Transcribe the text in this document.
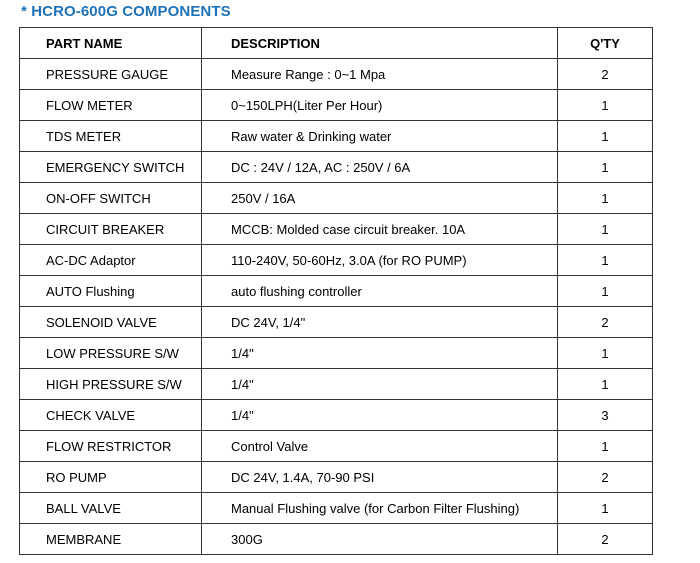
* HCRO-600G COMPONENTS
PART NAME	DESCRIPTION	Q'TY
PRESSURE GAUGE	Measure Range : 0~1 Mpa	2
FLOW METER	0~150LPH(Liter Per Hour)	1
TDS METER	Raw water & Drinking water	1
EMERGENCY SWITCH	DC : 24V / 12A, AC : 250V / 6A	1
ON-OFF SWITCH	250V / 16A	1
CIRCUIT BREAKER	MCCB: Molded case circuit breaker. 10A	1
AC-DC Adaptor	110-240V, 50-60Hz, 3.0A (for RO PUMP)	1
AUTO Flushing	auto flushing controller	1
SOLENOID VALVE	DC 24V, 1/4"	2
LOW PRESSURE S/W	1/4"	1
HIGH PRESSURE S/W	1/4"	1
CHECK VALVE	1/4"	3
FLOW RESTRICTOR	Control Valve	1
RO PUMP	DC 24V, 1.4A, 70-90 PSI	2
BALL VALVE	Manual Flushing valve (for Carbon Filter Flushing)	1
MEMBRANE	300G	2
